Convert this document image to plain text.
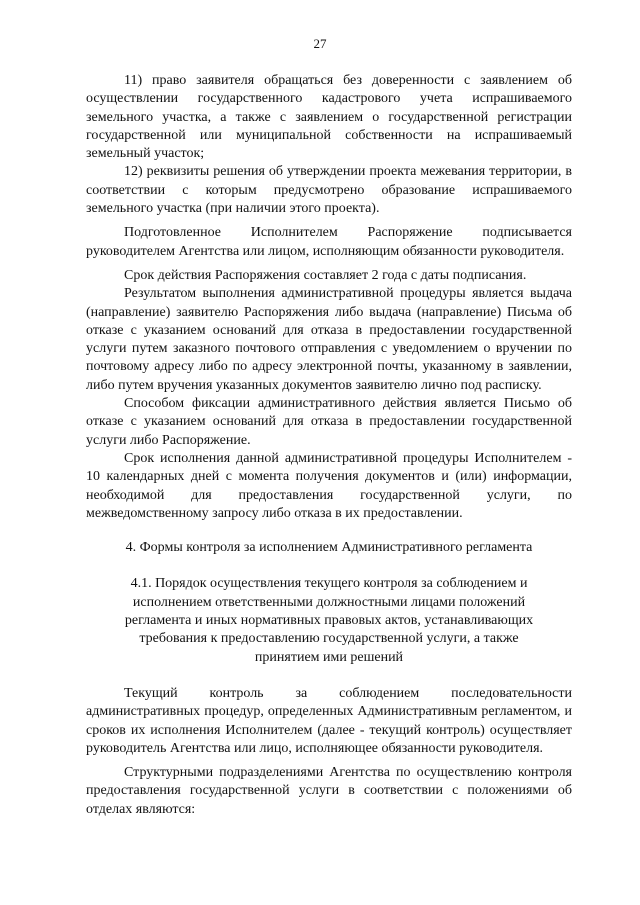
27

11) право заявителя обращаться без доверенности с заявлением об осуществлении государственного кадастрового учета испрашиваемого земельного участка, а также с заявлением о государственной регистрации государственной или муниципальной собственности на испрашиваемый земельный участок;

12) реквизиты решения об утверждении проекта межевания территории, в соответствии с которым предусмотрено образование испрашиваемого земельного участка (при наличии этого проекта).

Подготовленное Исполнителем Распоряжение подписывается руководителем Агентства или лицом, исполняющим обязанности руководителя.

Срок действия Распоряжения составляет 2 года с даты подписания.

Результатом выполнения административной процедуры является выдача (направление) заявителю Распоряжения либо выдача (направление) Письма об отказе с указанием оснований для отказа в предоставлении государственной услуги путем заказного почтового отправления с уведомлением о вручении по почтовому адресу либо по адресу электронной почты, указанному в заявлении, либо путем вручения указанных документов заявителю лично под расписку.

Способом фиксации административного действия является Письмо об отказе с указанием оснований для отказа в предоставлении государственной услуги либо Распоряжение.

Срок исполнения данной административной процедуры Исполнителем - 10 календарных дней с момента получения документов и (или) информации, необходимой для предоставления государственной услуги, по межведомственному запросу либо отказа в их предоставлении.

4. Формы контроля за исполнением Административного регламента

4.1. Порядок осуществления текущего контроля за соблюдением и исполнением ответственными должностными лицами положений регламента и иных нормативных правовых актов, устанавливающих требования к предоставлению государственной услуги, а также принятием ими решений

Текущий контроль за соблюдением последовательности административных процедур, определенных Административным регламентом, и сроков их исполнения Исполнителем (далее - текущий контроль) осуществляет руководитель Агентства или лицо, исполняющее обязанности руководителя.

Структурными подразделениями Агентства по осуществлению контроля предоставления государственной услуги в соответствии с положениями об отделах являются:
